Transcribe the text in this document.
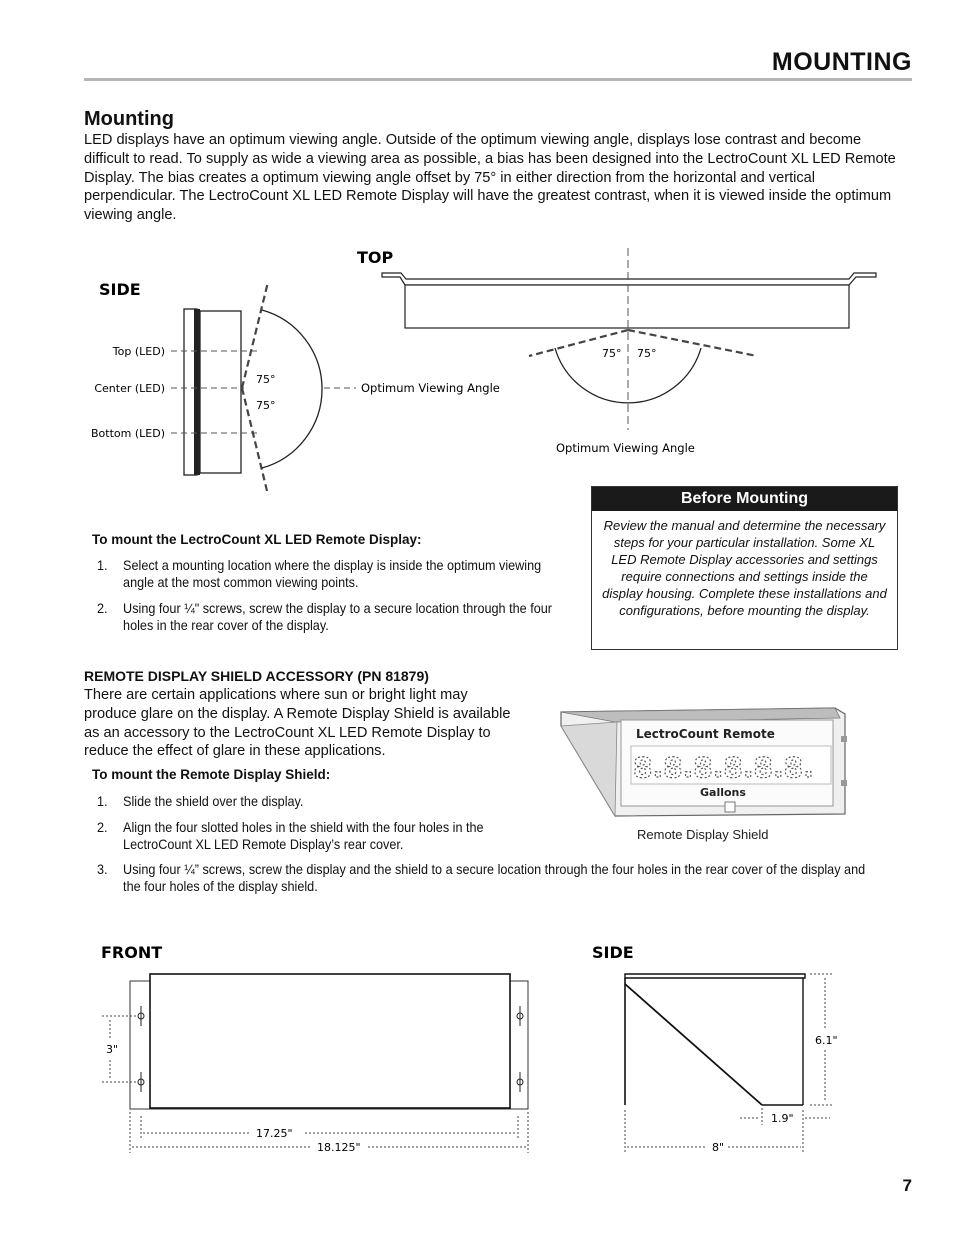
MOUNTING
Mounting
LED displays have an optimum viewing angle. Outside of the optimum viewing angle, displays lose contrast and become difficult to read. To supply as wide a viewing area as possible, a bias has been designed into the LectroCount XL LED Remote Display. The bias creates a optimum viewing angle offset by 75° in either direction from the horizontal and vertical perpendicular. The LectroCount XL LED Remote Display will have the greatest contrast, when it is viewed inside the optimum viewing angle.
SIDE
Top (LED)
Center (LED)
Bottom (LED)
75°
75°
Optimum Viewing Angle
TOP
75° 75°
Optimum Viewing Angle
To mount the LectroCount XL LED Remote Display:
1. Select a mounting location where the display is inside the optimum viewing angle at the most common viewing points.
2. Using four ¼" screws, screw the display to a secure location through the four holes in the rear cover of the display.
Before Mounting
Review the manual and determine the necessary steps for your particular installation. Some XL LED Remote Display accessories and settings require connections and settings inside the display housing. Complete these installations and configurations, before mounting the display.
REMOTE DISPLAY SHIELD ACCESSORY (PN 81879)
There are certain applications where sun or bright light may produce glare on the display. A Remote Display Shield is available as an accessory to the LectroCount XL LED Remote Display to reduce the effect of glare in these applications.
To mount the Remote Display Shield:
1. Slide the shield over the display.
2. Align the four slotted holes in the shield with the four holes in the LectroCount XL LED Remote Display’s rear cover.
3. Using four ¼” screws, screw the display and the shield to a secure location through the four holes in the rear cover of the display and the four holes of the display shield.
LectroCount Remote
8.8.8.8.8.8.
Gallons
Remote Display Shield
FRONT
3"
17.25"
18.125"
SIDE
6.1"
1.9"
8"
7
